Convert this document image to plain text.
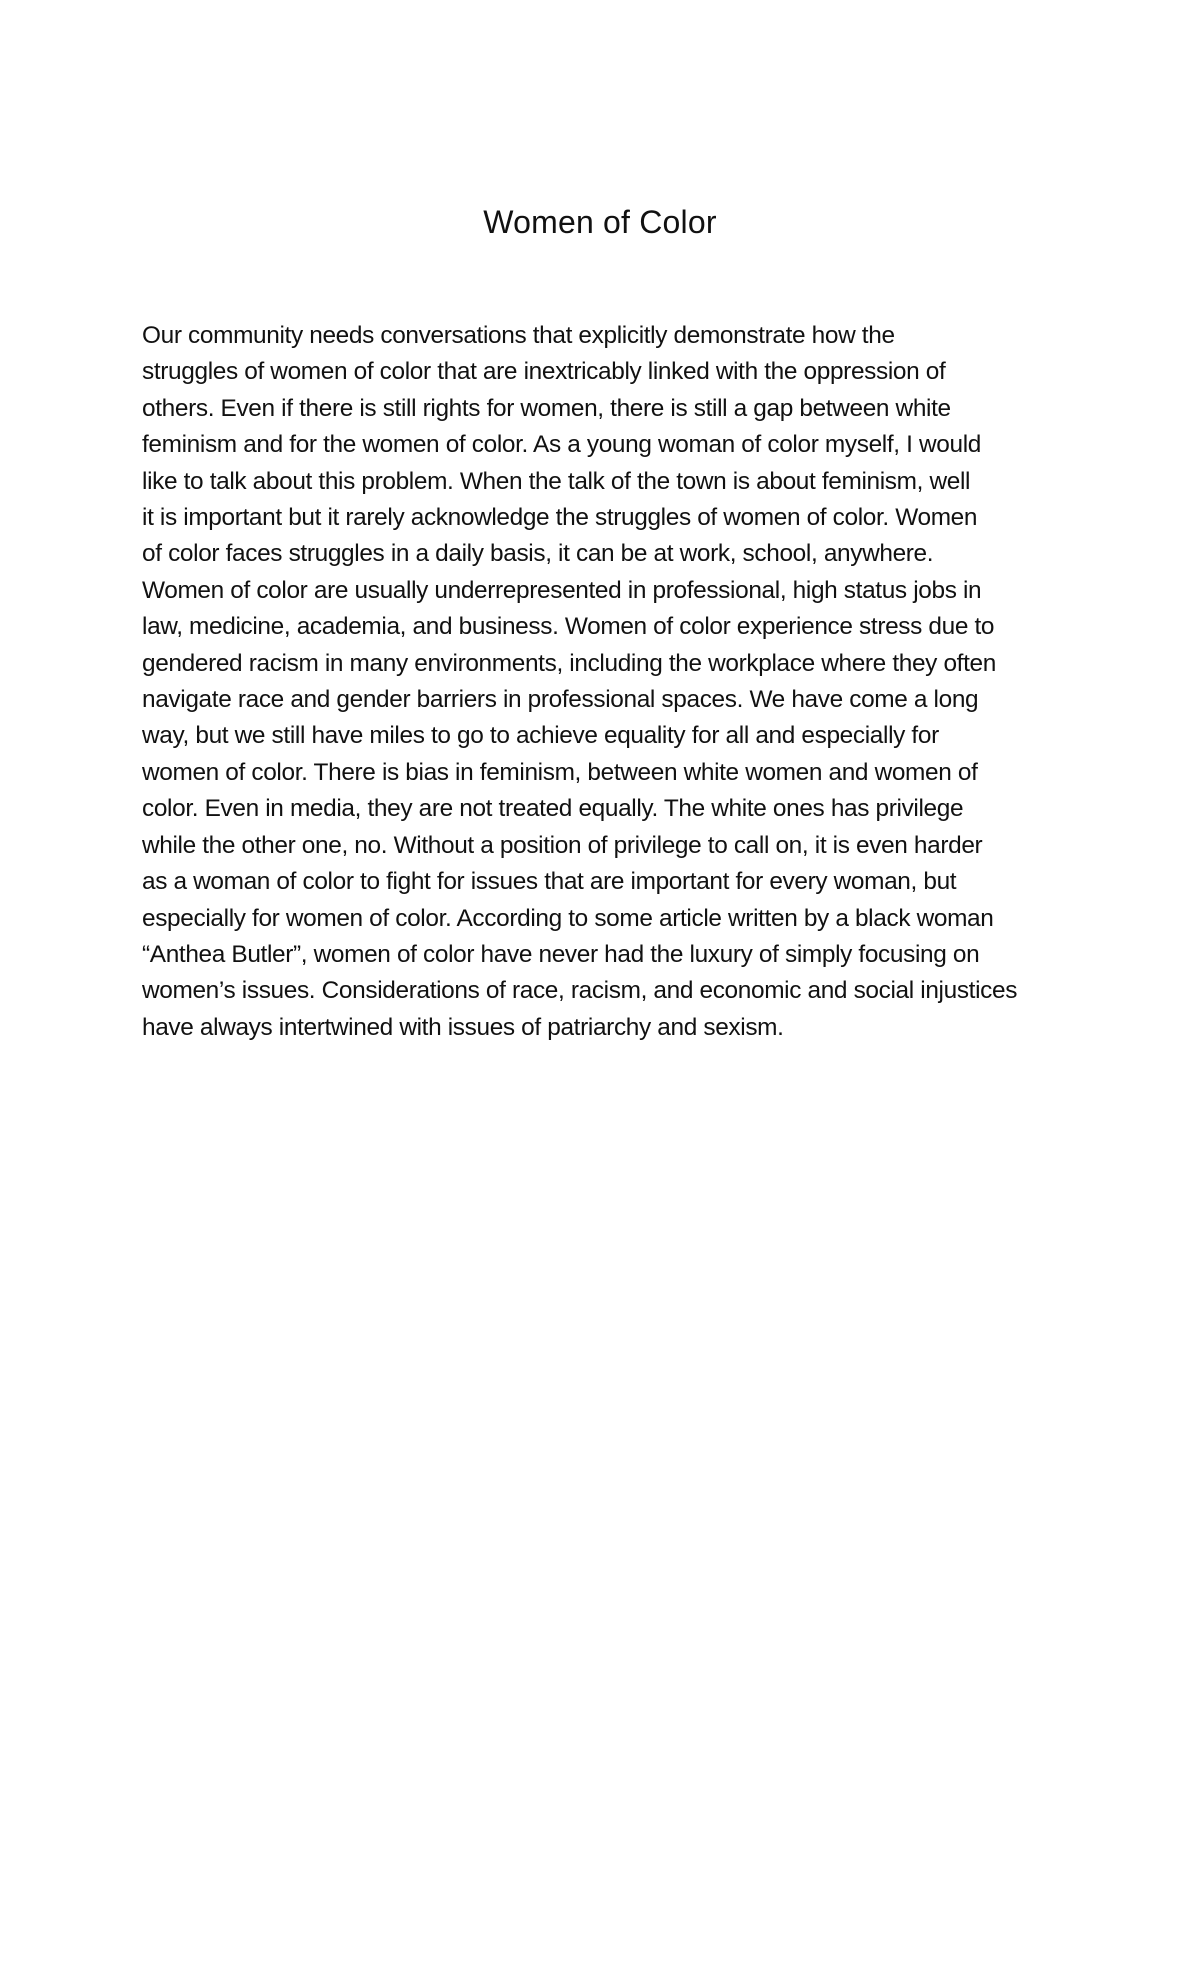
Women of Color
Our community needs conversations that explicitly demonstrate how the
struggles of women of color that are inextricably linked with the oppression of
others. Even if there is still rights for women, there is still a gap between white
feminism and for the women of color. As a young woman of color myself, I would
like to talk about this problem. When the talk of the town is about feminism, well
it is important but it rarely acknowledge the struggles of women of color. Women
of color faces struggles in a daily basis, it can be at work, school, anywhere.
Women of color are usually underrepresented in professional, high status jobs in
law, medicine, academia, and business. Women of color experience stress due to
gendered racism in many environments, including the workplace where they often
navigate race and gender barriers in professional spaces. We have come a long
way, but we still have miles to go to achieve equality for all and especially for
women of color. There is bias in feminism, between white women and women of
color. Even in media, they are not treated equally. The white ones has privilege
while the other one, no. Without a position of privilege to call on, it is even harder
as a woman of color to fight for issues that are important for every woman, but
especially for women of color. According to some article written by a black woman
“Anthea Butler”, women of color have never had the luxury of simply focusing on
women’s issues. Considerations of race, racism, and economic and social injustices
have always intertwined with issues of patriarchy and sexism.
